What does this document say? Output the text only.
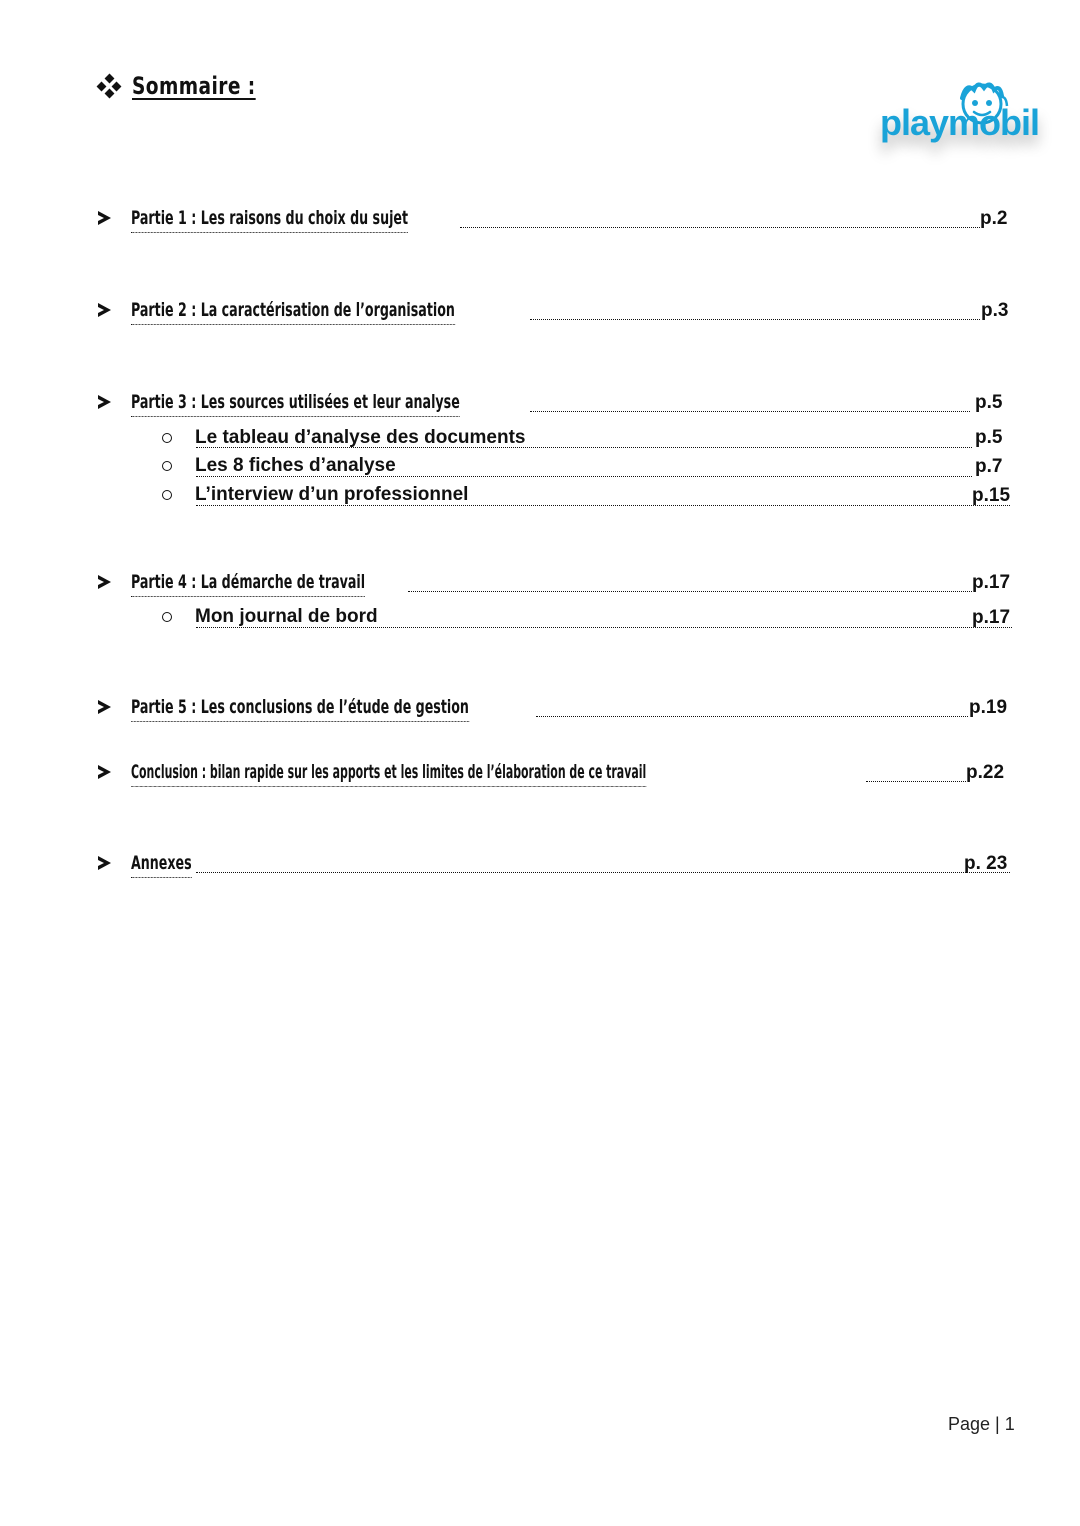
Sommaire :
playmobil
Partie 1 : Les raisons du choix du sujet	p.2
Partie 2 : La caractérisation de l’organisation	p.3
Partie 3 : Les sources utilisées et leur analyse	p.5
Le tableau d’analyse des documents	p.5
Les 8 fiches d’analyse	p.7
L’interview d’un professionnel	p.15
Partie 4 : La démarche de travail	p.17
Mon journal de bord	p.17
Partie 5 : Les conclusions de l’étude de gestion	p.19
Conclusion : bilan rapide sur les apports et les limites de l’élaboration de ce travail	p.22
Annexes	p. 23
Page | 1
